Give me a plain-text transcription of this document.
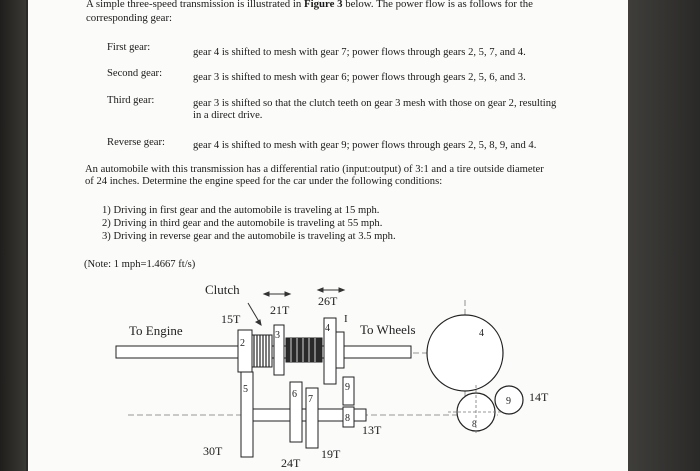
A simple three-speed transmission is illustrated in Figure 3 below. The power flow is as follows for the
corresponding gear:
First gear:	gear 4 is shifted to mesh with gear 7; power flows through gears 2, 5, 7, and 4.
Second gear:	gear 3 is shifted to mesh with gear 6; power flows through gears 2, 5, 6, and 3.
Third gear:	gear 3 is shifted so that the clutch teeth on gear 3 mesh with those on gear 2, resulting
in a direct drive.
Reverse gear:	gear 4 is shifted to mesh with gear 9; power flows through gears 2, 5, 8, 9, and 4.
An automobile with this transmission has a differential ratio (input:output) of 3:1 and a tire outside diameter
of 24 inches. Determine the engine speed for the car under the following conditions:
1) Driving in first gear and the automobile is traveling at 15 mph.
2) Driving in third gear and the automobile is traveling at 55 mph.
3) Driving in reverse gear and the automobile is traveling at 3.5 mph.
(Note: 1 mph=1.4667 ft/s)
Clutch
To Engine	To Wheels
15T
21T
26T
30T
24T
19T
13T
14T
I
2
3
4
5	6 7
9
8
4
9
8
